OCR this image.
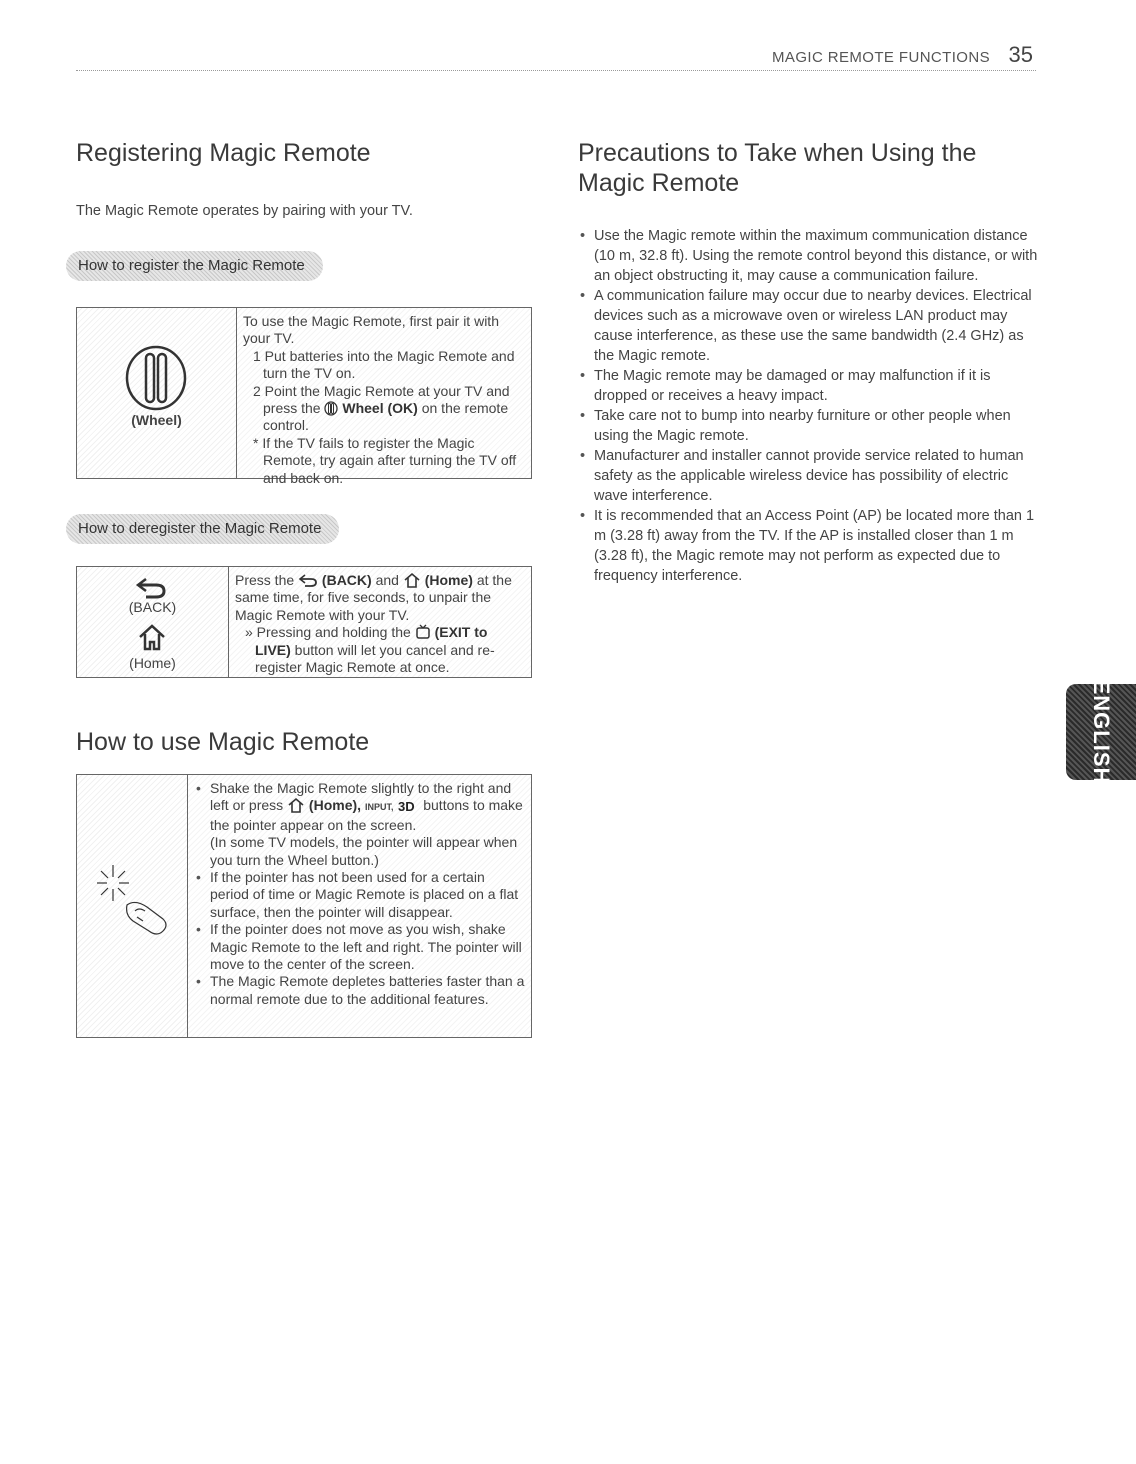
MAGIC REMOTE FUNCTIONS 35
Registering Magic Remote

The Magic Remote operates by pairing with your TV.

How to register the Magic Remote
(Wheel)

To use the Magic Remote, first pair it with your TV.

1 Put batteries into the Magic Remote and turn the TV on.

2 Point the Magic Remote at your TV and press the Wheel (OK) on the remote control.

* If the TV fails to register the Magic Remote, try again after turning the TV off and back on.

How to deregister the Magic Remote
(BACK)
(Home)

Press the (BACK) and (Home) at the same time, for five seconds, to unpair the Magic Remote with your TV.

» Pressing and holding the (EXIT to LIVE) button will let you cancel and re-register Magic Remote at once.

How to use Magic Remote
• Shake the Magic Remote slightly to the right and left or press (Home), INPUT, 3D buttons to make the pointer appear on the screen.
(In some TV models, the pointer will appear when you turn the Wheel button.)
• If the pointer has not been used for a certain period of time or Magic Remote is placed on a flat surface, then the pointer will disappear.
• If the pointer does not move as you wish, shake Magic Remote to the left and right. The pointer will move to the center of the screen.
• The Magic Remote depletes batteries faster than a normal remote due to the additional features.
Precautions to Take when Using the
Magic Remote
• Use the Magic remote within the maximum communication distance (10 m, 32.8 ft). Using the remote control beyond this distance, or with an object obstructing it, may cause a communication failure.
• A communication failure may occur due to nearby devices. Electrical devices such as a microwave oven or wireless LAN product may cause interference, as these use the same bandwidth (2.4 GHz) as the Magic remote.
• The Magic remote may be damaged or may malfunction if it is dropped or receives a heavy impact.
• Take care not to bump into nearby furniture or other people when using the Magic remote.
• Manufacturer and installer cannot provide service related to human safety as the applicable wireless device has possibility of electric wave interference.
• It is recommended that an Access Point (AP) be located more than 1 m (3.28 ft) away from the TV. If the AP is installed closer than 1 m (3.28 ft), the Magic remote may not perform as expected due to frequency interference.
ENGLISH
